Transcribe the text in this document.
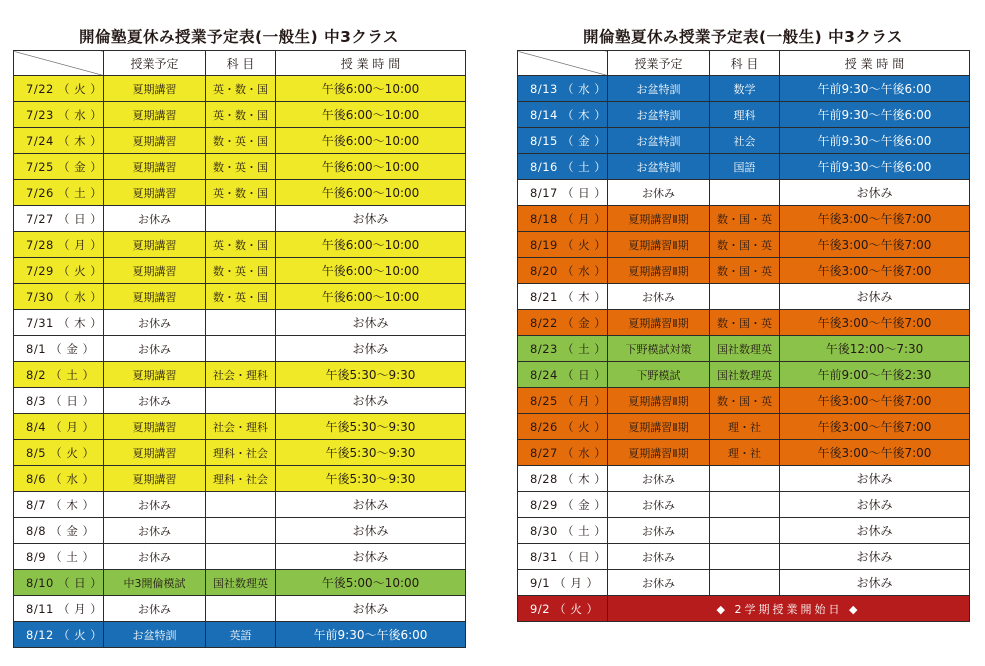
開倫塾夏休み授業予定表(一般生) 中3クラス
	授業予定	科 目	授 業 時 間
7/22 （ 火 ）	夏期講習	英・数・国	午後6:00〜10:00
7/23 （ 水 ）	夏期講習	英・数・国	午後6:00〜10:00
7/24 （ 木 ）	夏期講習	数・英・国	午後6:00〜10:00
7/25 （ 金 ）	夏期講習	数・英・国	午後6:00〜10:00
7/26 （ 土 ）	夏期講習	英・数・国	午後6:00〜10:00
7/27 （ 日 ）	お休み		お休み
7/28 （ 月 ）	夏期講習	英・数・国	午後6:00〜10:00
7/29 （ 火 ）	夏期講習	数・英・国	午後6:00〜10:00
7/30 （ 水 ）	夏期講習	数・英・国	午後6:00〜10:00
7/31 （ 木 ）	お休み		お休み
8/1 （ 金 ）	お休み		お休み
8/2 （ 土 ）	夏期講習	社会・理科	午後5:30〜9:30
8/3 （ 日 ）	お休み		お休み
8/4 （ 月 ）	夏期講習	社会・理科	午後5:30〜9:30
8/5 （ 火 ）	夏期講習	理科・社会	午後5:30〜9:30
8/6 （ 水 ）	夏期講習	理科・社会	午後5:30〜9:30
8/7 （ 木 ）	お休み		お休み
8/8 （ 金 ）	お休み		お休み
8/9 （ 土 ）	お休み		お休み
8/10 （ 日 ）	中3開倫模試	国社数理英	午後5:00〜10:00
8/11 （ 月 ）	お休み		お休み
8/12 （ 火 ）	お盆特訓	英語	午前9:30〜午後6:00
開倫塾夏休み授業予定表(一般生) 中3クラス
	授業予定	科 目	授 業 時 間
8/13 （ 水 ）	お盆特訓	数学	午前9:30〜午後6:00
8/14 （ 木 ）	お盆特訓	理科	午前9:30〜午後6:00
8/15 （ 金 ）	お盆特訓	社会	午前9:30〜午後6:00
8/16 （ 土 ）	お盆特訓	国語	午前9:30〜午後6:00
8/17 （ 日 ）	お休み		お休み
8/18 （ 月 ）	夏期講習Ⅱ期	数・国・英	午後3:00〜午後7:00
8/19 （ 火 ）	夏期講習Ⅱ期	数・国・英	午後3:00〜午後7:00
8/20 （ 水 ）	夏期講習Ⅱ期	数・国・英	午後3:00〜午後7:00
8/21 （ 木 ）	お休み		お休み
8/22 （ 金 ）	夏期講習Ⅱ期	数・国・英	午後3:00〜午後7:00
8/23 （ 土 ）	下野模試対策	国社数理英	午後12:00〜7:30
8/24 （ 日 ）	下野模試	国社数理英	午前9:00〜午後2:30
8/25 （ 月 ）	夏期講習Ⅱ期	数・国・英	午後3:00〜午後7:00
8/26 （ 火 ）	夏期講習Ⅱ期	理・社	午後3:00〜午後7:00
8/27 （ 水 ）	夏期講習Ⅱ期	理・社	午後3:00〜午後7:00
8/28 （ 木 ）	お休み		お休み
8/29 （ 金 ）	お休み		お休み
8/30 （ 土 ）	お休み		お休み
8/31 （ 日 ）	お休み		お休み
9/1 （ 月 ）	お休み		お休み
9/2 （ 火 ）	◆ 2学期授業開始日 ◆		
